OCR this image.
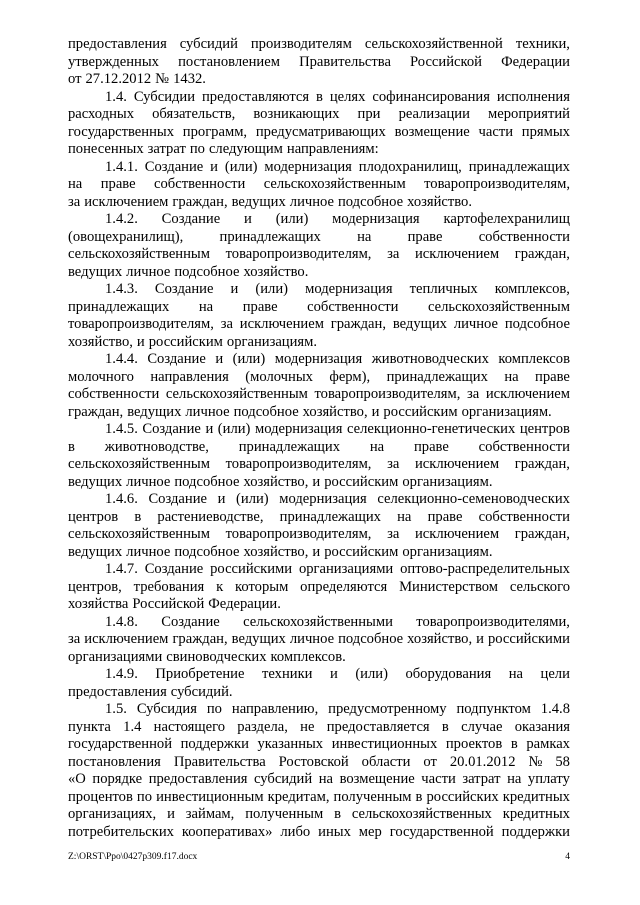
предоставления субсидий производителям сельскохозяйственной техники,
утвержденных постановлением Правительства Российской Федерации
от 27.12.2012 № 1432.
1.4. Субсидии предоставляются в целях софинансирования исполнения
расходных обязательств, возникающих при реализации мероприятий
государственных программ, предусматривающих возмещение части прямых
понесенных затрат по следующим направлениям:
1.4.1. Создание и (или) модернизация плодохранилищ, принадлежащих
на праве собственности сельскохозяйственным товаропроизводителям,
за исключением граждан, ведущих личное подсобное хозяйство.
1.4.2. Создание и (или) модернизация картофелехранилищ
(овощехранилищ), принадлежащих на праве собственности
сельскохозяйственным товаропроизводителям, за исключением граждан,
ведущих личное подсобное хозяйство.
1.4.3. Создание и (или) модернизация тепличных комплексов,
принадлежащих на праве собственности сельскохозяйственным
товаропроизводителям, за исключением граждан, ведущих личное подсобное
хозяйство, и российским организациям.
1.4.4. Создание и (или) модернизация животноводческих комплексов
молочного направления (молочных ферм), принадлежащих на праве
собственности сельскохозяйственным товаропроизводителям, за исключением
граждан, ведущих личное подсобное хозяйство, и российским организациям.
1.4.5. Создание и (или) модернизация селекционно-генетических центров
в животноводстве, принадлежащих на праве собственности
сельскохозяйственным товаропроизводителям, за исключением граждан,
ведущих личное подсобное хозяйство, и российским организациям.
1.4.6. Создание и (или) модернизация селекционно-семеноводческих
центров в растениеводстве, принадлежащих на праве собственности
сельскохозяйственным товаропроизводителям, за исключением граждан,
ведущих личное подсобное хозяйство, и российским организациям.
1.4.7. Создание российскими организациями оптово-распределительных
центров, требования к которым определяются Министерством сельского
хозяйства Российской Федерации.
1.4.8. Создание сельскохозяйственными товаропроизводителями,
за исключением граждан, ведущих личное подсобное хозяйство, и российскими
организациями свиноводческих комплексов.
1.4.9. Приобретение техники и (или) оборудования на цели
предоставления субсидий.
1.5. Субсидия по направлению, предусмотренному подпунктом 1.4.8
пункта 1.4 настоящего раздела, не предоставляется в случае оказания
государственной поддержки указанных инвестиционных проектов в рамках
постановления Правительства Ростовской области от 20.01.2012 № 58
«О порядке предоставления субсидий на возмещение части затрат на уплату
процентов по инвестиционным кредитам, полученным в российских кредитных
организациях, и займам, полученным в сельскохозяйственных кредитных
потребительских кооперативах» либо иных мер государственной поддержки
Z:\ORST\Ppo\0427p309.f17.docx	4
